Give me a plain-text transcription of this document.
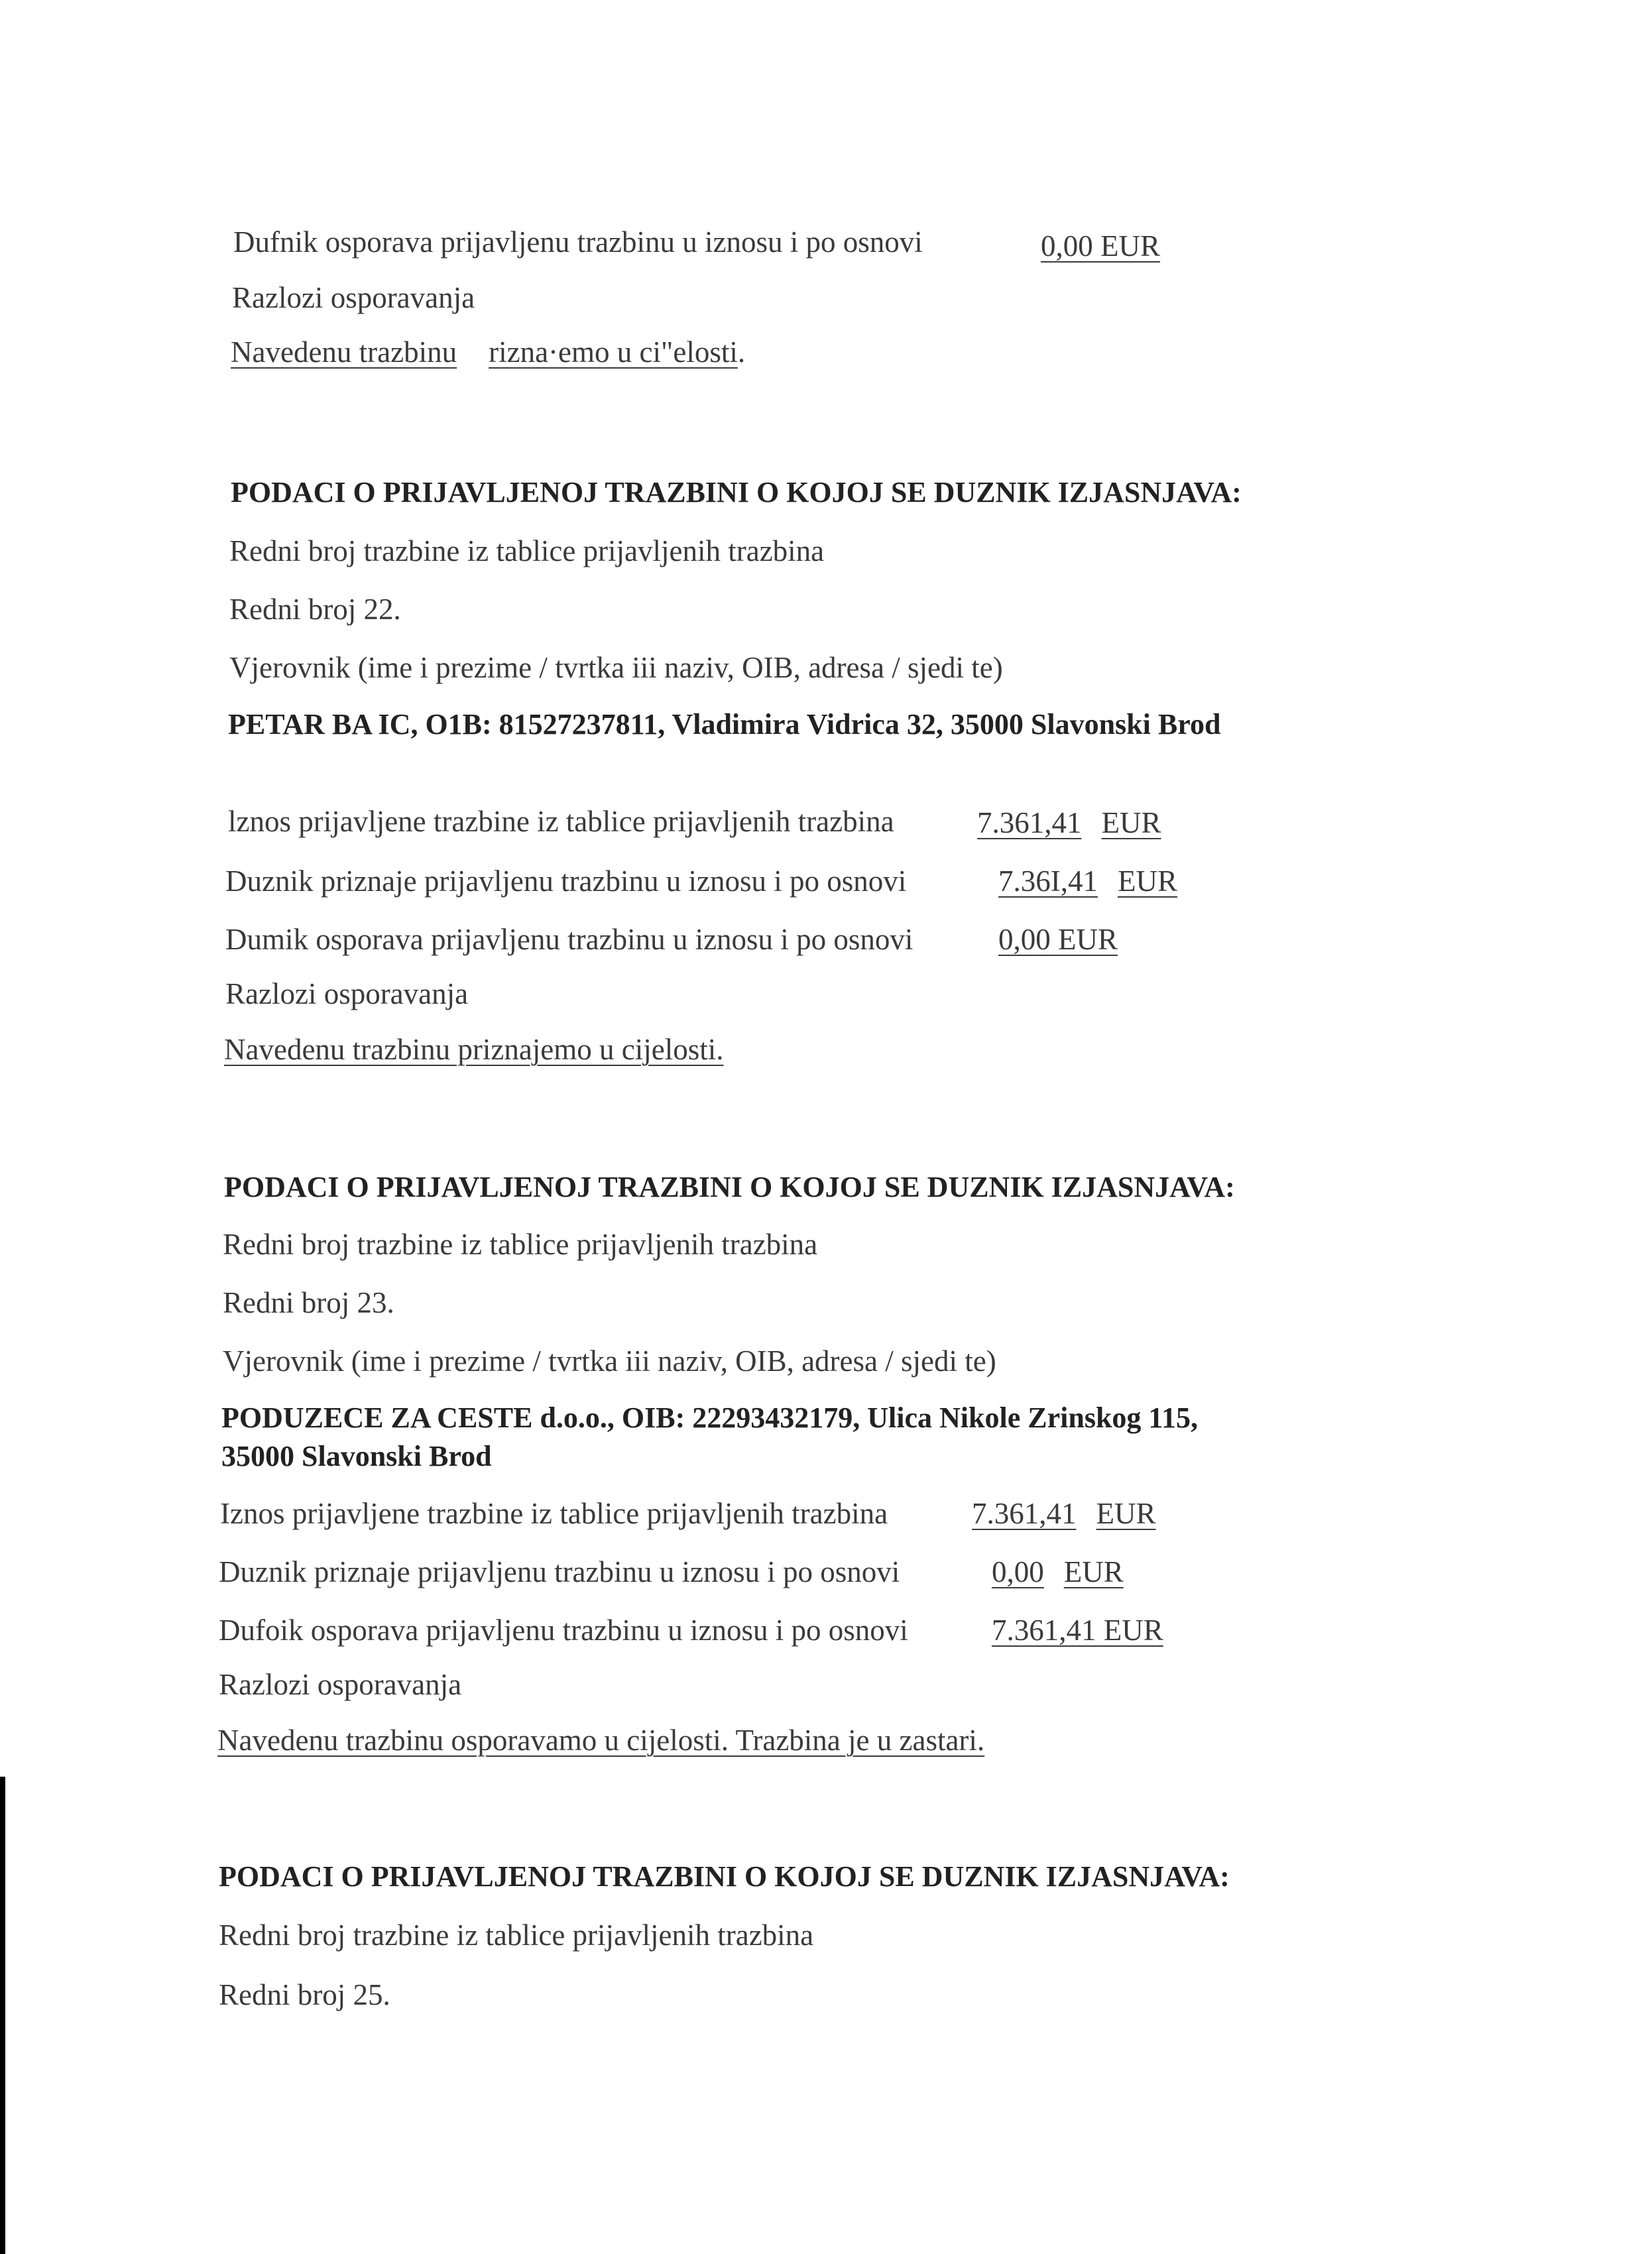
Dufnik osporava prijavljenu trazbinu u iznosu i po osnovi	0,00 EUR
Razlozi osporavanja
Navedenu trazbinu rizna·emo u ci"elosti.
PODACI O PRIJAVLJENOJ TRAZBINI O KOJOJ SE DUZNIK IZJASNJAVA:
Redni broj trazbine iz tablice prijavljenih trazbina
Redni broj 22.
Vjerovnik (ime i prezime / tvrtka iii naziv, OIB, adresa / sjedi te)
PETAR BA IC, O1B: 81527237811, Vladimira Vidrica 32, 35000 Slavonski Brod
lznos prijavljene trazbine iz tablice prijavljenih trazbina	7.361,41 EUR
Duznik priznaje prijavljenu trazbinu u iznosu i po osnovi	7.36I,41 EUR
Dumik osporava prijavljenu trazbinu u iznosu i po osnovi	0,00 EUR
Razlozi osporavanja
Navedenu trazbinu priznajemo u cijelosti.
PODACI O PRIJAVLJENOJ TRAZBINI O KOJOJ SE DUZNIK IZJASNJAVA:
Redni broj trazbine iz tablice prijavljenih trazbina
Redni broj 23.
Vjerovnik (ime i prezime / tvrtka iii naziv, OIB, adresa / sjedi te)
PODUZECE ZA CESTE d.o.o., OIB: 22293432179, Ulica Nikole Zrinskog 115, 35000 Slavonski Brod
Iznos prijavljene trazbine iz tablice prijavljenih trazbina	7.361,41 EUR
Duznik priznaje prijavljenu trazbinu u iznosu i po osnovi	0,00 EUR
Dufoik osporava prijavljenu trazbinu u iznosu i po osnovi	7.361,41 EUR
Razlozi osporavanja
Navedenu trazbinu osporavamo u cijelosti. Trazbina je u zastari.
PODACI O PRIJAVLJENOJ TRAZBINI O KOJOJ SE DUZNIK IZJASNJAVA:
Redni broj trazbine iz tablice prijavljenih trazbina
Redni broj 25.
